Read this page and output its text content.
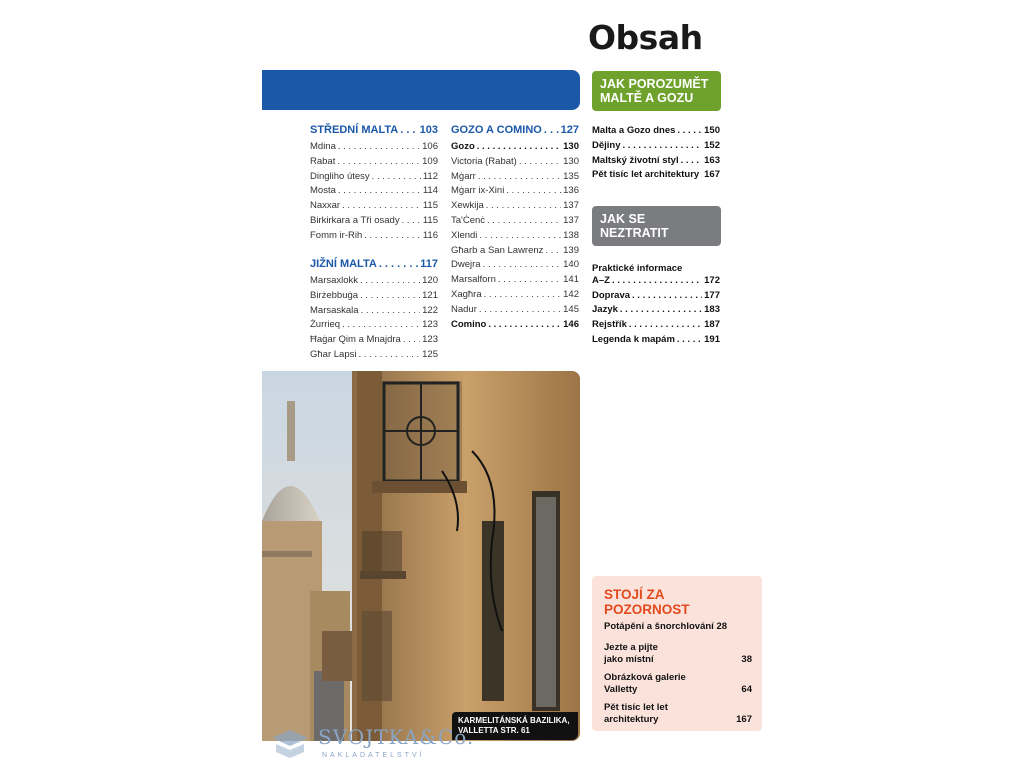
Obsah
JAK POROZUMĚT MALTĚ A GOZU
STŘEDNÍ MALTA . . . 103
Mdina . . .	106
Rabat . . .	109
Dingliho útesy . . .	112
Mosta . . .	114
Naxxar . . .	115
Birkirkara a Tři osady . . . 115
Fomm ir-Rih . . .	116
JIŽNÍ MALTA . . .	117
Marsaxlokk . . .	120
Birżebbuġa . . .	121
Marsaskala . . .	122
Żurrieq . . .	123
Ħaġar Qim a Mnajdra . . . 123
Għar Lapsi . . .	125
GOZO A COMINO . . . 127
Gozo . . .	130
Victoria (Rabat) . . .	130
Mġarr . . .	135
Mġarr ix-Xini . . .	136
Xewkija . . .	137
Ta'Ċenċ . . .	137
Xlendi . . .	138
Għarb a San Lawrenz . . . 139
Dwejra . . .	140
Marsalforn . . .	141
Xagħra . . .	142
Nadur . . .	145
Comino . . .	146
Malta a Gozo dnes . . .	150
Dějiny . . .	152
Maltský životní styl . . .	163
Pět tisíc let architektury . . . 167
JAK SE NEZTRATIT
Praktické informace
A–Z . . .	172
Doprava . . .	177
Jazyk . . .	183
Rejstřík . . .	187
Legenda k mapám . . .	191
KARMELITÁNSKÁ BAZILIKA,
VALLETTA STR. 61
STOJÍ ZA
POZORNOST
Potápění a šnorchlování 28
Jezte a pijte
jako místní	38
Obrázková galerie
Valletty	64
Pět tisíc let let
architektury	167
SVOJTKA&Co.
NAKLADATELSTVÍ
